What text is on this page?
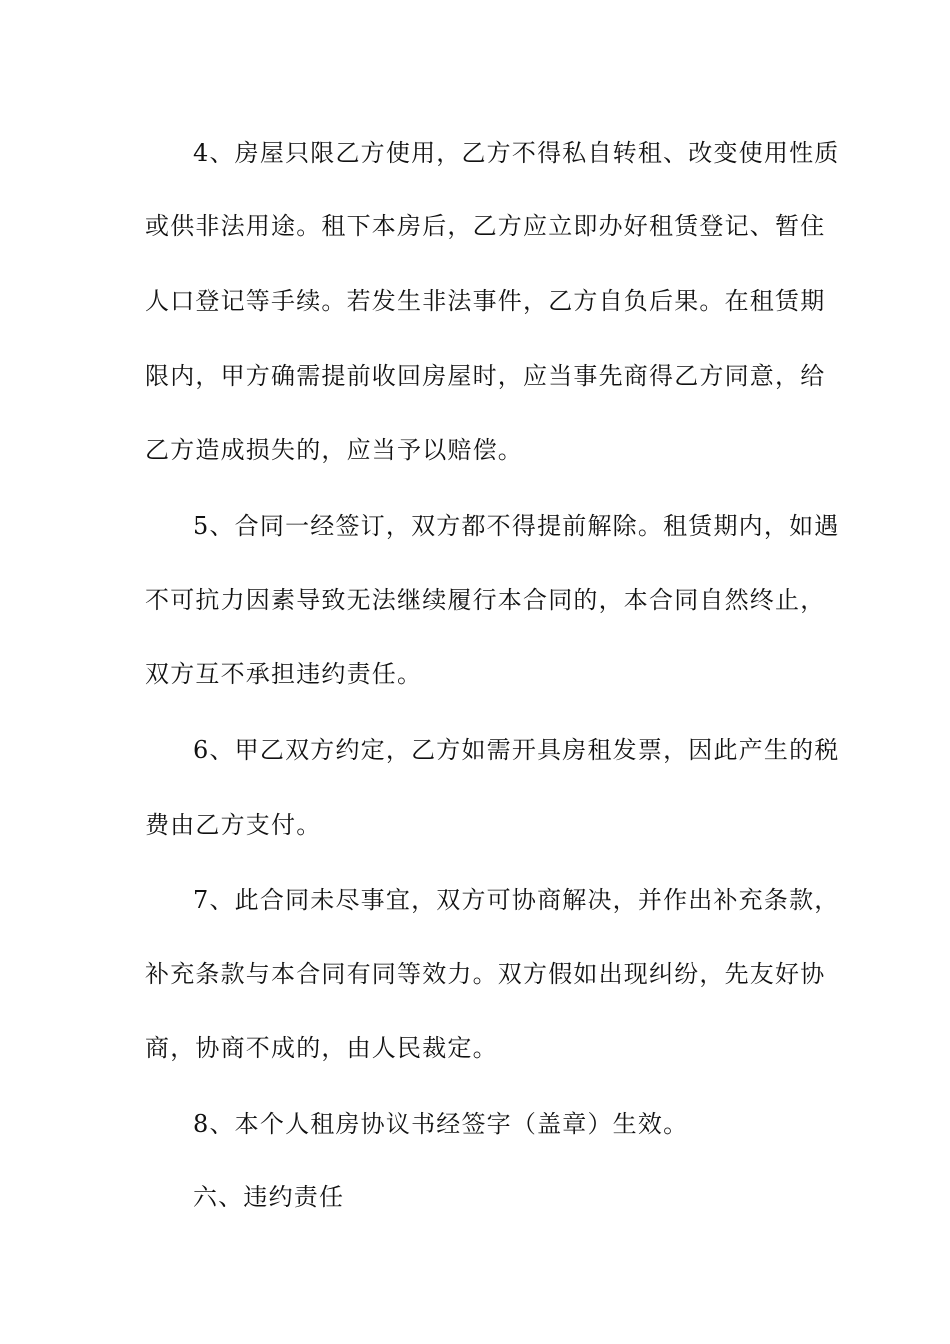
4、房屋只限乙方使用，乙方不得私自转租、改变使用性质
或供非法用途。租下本房后，乙方应立即办好租赁登记、暂住
人口登记等手续。若发生非法事件，乙方自负后果。在租赁期
限内，甲方确需提前收回房屋时，应当事先商得乙方同意，给
乙方造成损失的，应当予以赔偿。
5、合同一经签订，双方都不得提前解除。租赁期内，如遇
不可抗力因素导致无法继续履行本合同的，本合同自然终止，
双方互不承担违约责任。
6、甲乙双方约定，乙方如需开具房租发票，因此产生的税
费由乙方支付。
7、此合同未尽事宜，双方可协商解决，并作出补充条款，
补充条款与本合同有同等效力。双方假如出现纠纷，先友好协
商，协商不成的，由人民裁定。
8、本个人租房协议书经签字（盖章）生效。
六、违约责任
